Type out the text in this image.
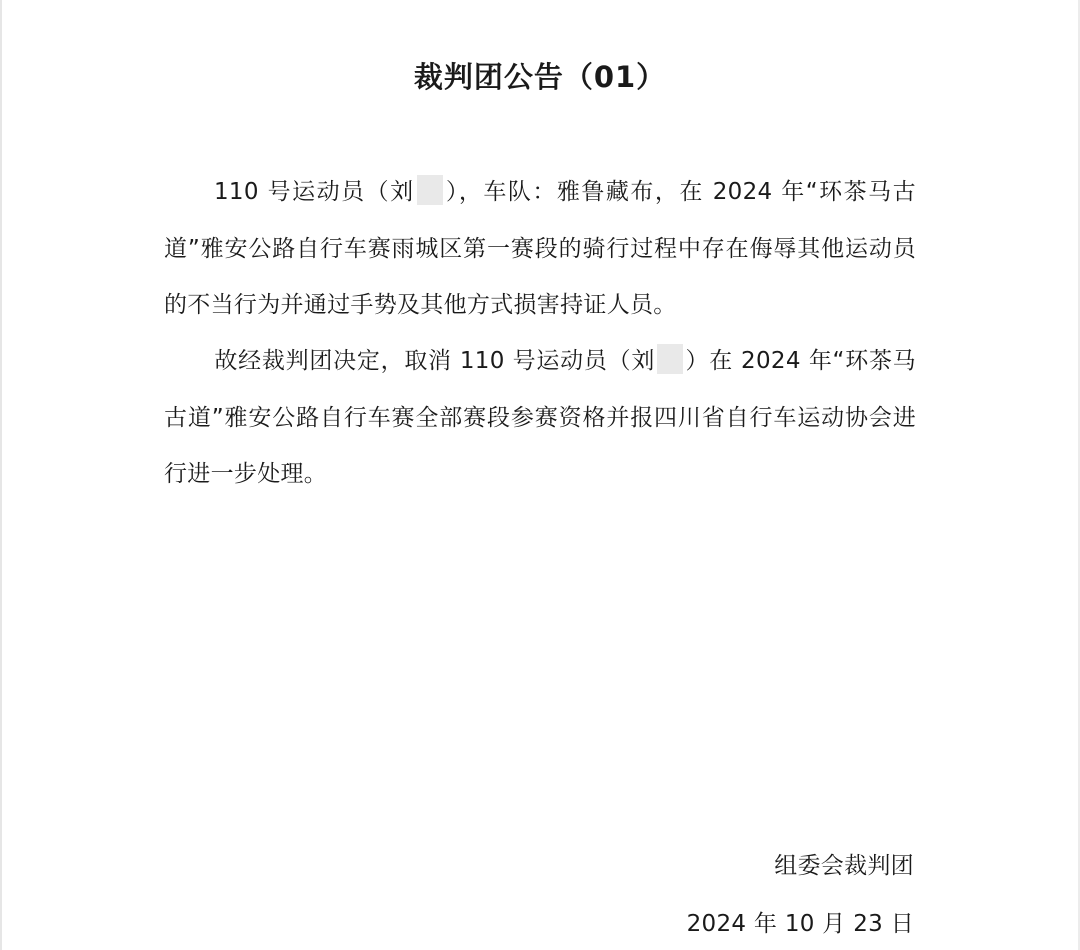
裁判团公告（01）

110 号运动员（刘 ），车队：雅鲁藏布，在 2024 年“环茶马古道”雅安公路自行车赛雨城区第一赛段的骑行过程中存在侮辱其他运动员的不当行为并通过手势及其他方式损害持证人员。

故经裁判团决定，取消 110 号运动员（刘 ）在 2024 年“环茶马古道”雅安公路自行车赛全部赛段参赛资格并报四川省自行车运动协会进行进一步处理。

组委会裁判团

2024 年 10 月 23 日
